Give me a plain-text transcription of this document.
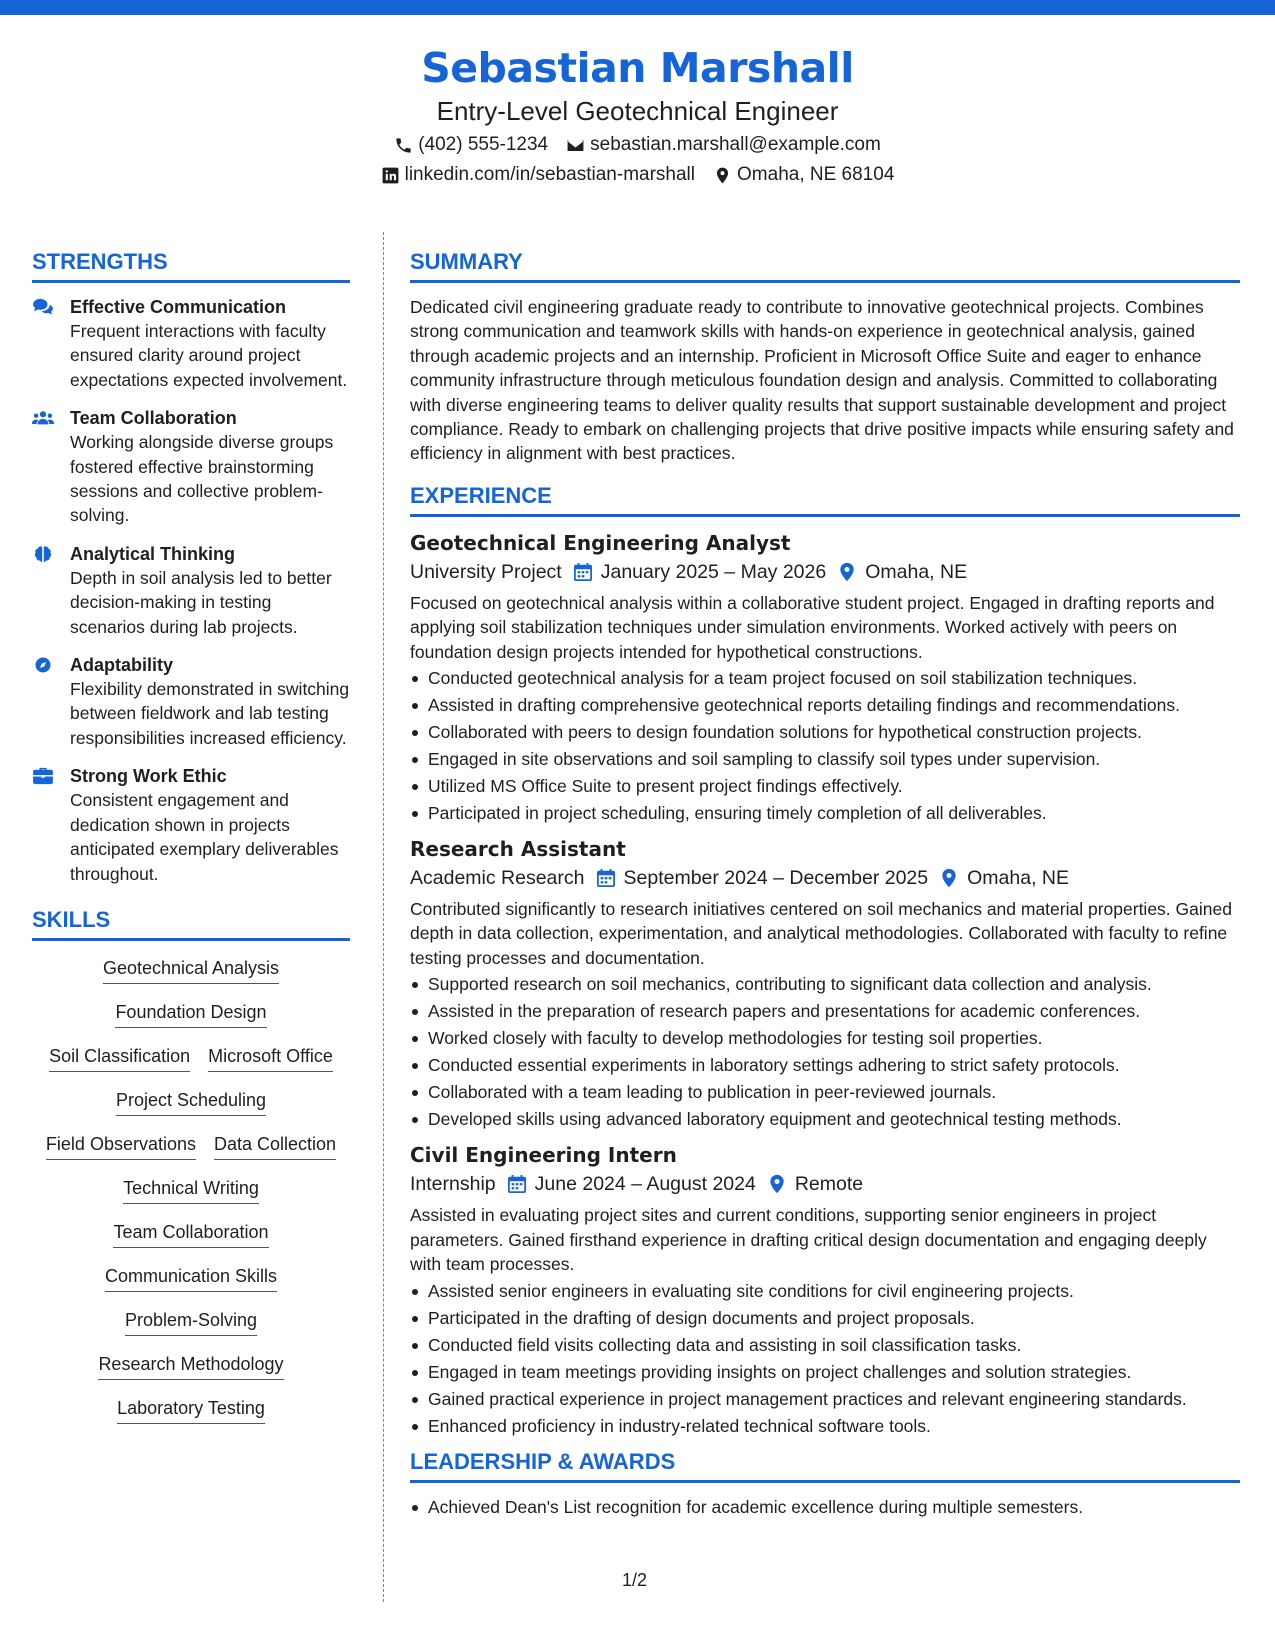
Sebastian Marshall
Entry-Level Geotechnical Engineer
(402) 555-1234 sebastian.marshall@example.com
linkedin.com/in/sebastian-marshall Omaha, NE 68104
STRENGTHS
Effective Communication
Frequent interactions with faculty ensured clarity around project expectations expected involvement.
Team Collaboration
Working alongside diverse groups fostered effective brainstorming sessions and collective problem-solving.
Analytical Thinking
Depth in soil analysis led to better decision-making in testing scenarios during lab projects.
Adaptability
Flexibility demonstrated in switching between fieldwork and lab testing responsibilities increased efficiency.
Strong Work Ethic
Consistent engagement and dedication shown in projects anticipated exemplary deliverables throughout.
SKILLS
Geotechnical Analysis
Foundation Design
Soil Classification Microsoft Office
Project Scheduling
Field Observations Data Collection
Technical Writing
Team Collaboration
Communication Skills
Problem-Solving
Research Methodology
Laboratory Testing
SUMMARY
Dedicated civil engineering graduate ready to contribute to innovative geotechnical projects. Combines strong communication and teamwork skills with hands-on experience in geotechnical analysis, gained through academic projects and an internship. Proficient in Microsoft Office Suite and eager to enhance community infrastructure through meticulous foundation design and analysis. Committed to collaborating with diverse engineering teams to deliver quality results that support sustainable development and project compliance. Ready to embark on challenging projects that drive positive impacts while ensuring safety and efficiency in alignment with best practices.
EXPERIENCE
Geotechnical Engineering Analyst
University Project January 2025 – May 2026 Omaha, NE
Focused on geotechnical analysis within a collaborative student project. Engaged in drafting reports and applying soil stabilization techniques under simulation environments. Worked actively with peers on foundation design projects intended for hypothetical constructions.
Conducted geotechnical analysis for a team project focused on soil stabilization techniques.
Assisted in drafting comprehensive geotechnical reports detailing findings and recommendations.
Collaborated with peers to design foundation solutions for hypothetical construction projects.
Engaged in site observations and soil sampling to classify soil types under supervision.
Utilized MS Office Suite to present project findings effectively.
Participated in project scheduling, ensuring timely completion of all deliverables.
Research Assistant
Academic Research September 2024 – December 2025 Omaha, NE
Contributed significantly to research initiatives centered on soil mechanics and material properties. Gained depth in data collection, experimentation, and analytical methodologies. Collaborated with faculty to refine testing processes and documentation.
Supported research on soil mechanics, contributing to significant data collection and analysis.
Assisted in the preparation of research papers and presentations for academic conferences.
Worked closely with faculty to develop methodologies for testing soil properties.
Conducted essential experiments in laboratory settings adhering to strict safety protocols.
Collaborated with a team leading to publication in peer-reviewed journals.
Developed skills using advanced laboratory equipment and geotechnical testing methods.
Civil Engineering Intern
Internship June 2024 – August 2024 Remote
Assisted in evaluating project sites and current conditions, supporting senior engineers in project parameters. Gained firsthand experience in drafting critical design documentation and engaging deeply with team processes.
Assisted senior engineers in evaluating site conditions for civil engineering projects.
Participated in the drafting of design documents and project proposals.
Conducted field visits collecting data and assisting in soil classification tasks.
Engaged in team meetings providing insights on project challenges and solution strategies.
Gained practical experience in project management practices and relevant engineering standards.
Enhanced proficiency in industry-related technical software tools.
LEADERSHIP & AWARDS
Achieved Dean's List recognition for academic excellence during multiple semesters.
1/2
